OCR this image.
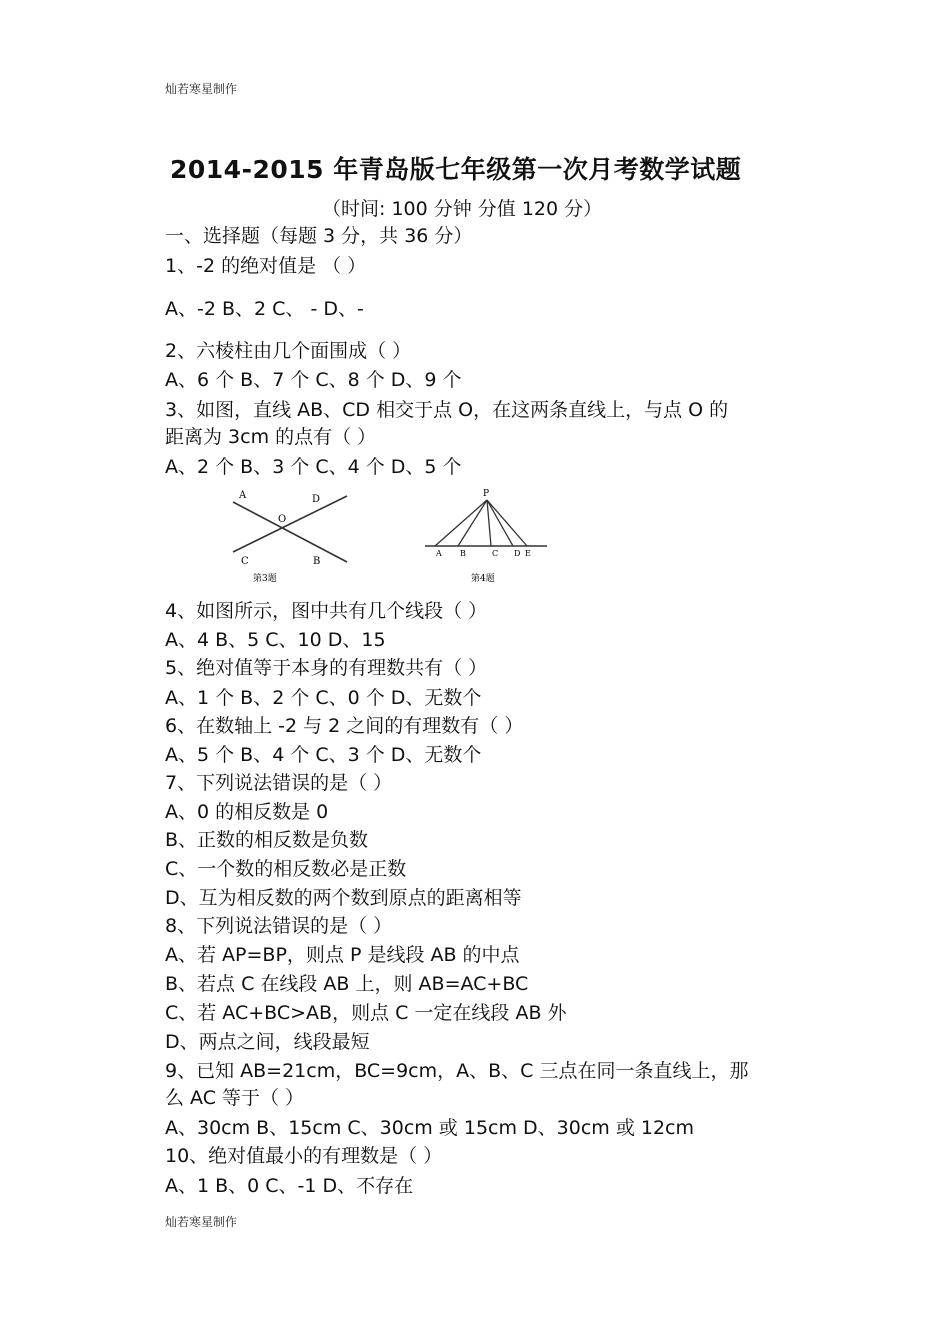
灿若寒星制作
2014-2015 年青岛版七年级第一次月考数学试题
（时间: 100 分钟 分值 120 分）
一、选择题（每题 3 分，共 36 分）
1、-2 的绝对值是 （ ）
A、-2 B、2 C、 - D、-
2、六棱柱由几个面围成（ ）
A、6 个 B、7 个 C、8 个 D、9 个
3、如图，直线 AB、CD 相交于点 O，在这两条直线上，与点 O 的
距离为 3cm 的点有（ ）
A、2 个 B、3 个 C、4 个 D、5 个
A	D
O
C	B
第3题
P
A B	C D E
第4题
4、如图所示，图中共有几个线段（ ）
A、4 B、5 C、10 D、15
5、绝对值等于本身的有理数共有（ ）
A、1 个 B、2 个 C、0 个 D、无数个
6、在数轴上 -2 与 2 之间的有理数有（ ）
A、5 个 B、4 个 C、3 个 D、无数个
7、下列说法错误的是（ ）
A、0 的相反数是 0
B、正数的相反数是负数
C、一个数的相反数必是正数
D、互为相反数的两个数到原点的距离相等
8、下列说法错误的是（ ）
A、若 AP=BP，则点 P 是线段 AB 的中点
B、若点 C 在线段 AB 上，则 AB=AC+BC
C、若 AC+BC>AB，则点 C 一定在线段 AB 外
D、两点之间，线段最短
9、已知 AB=21cm，BC=9cm，A、B、C 三点在同一条直线上，那
么 AC 等于（ ）
A、30cm B、15cm C、30cm 或 15cm D、30cm 或 12cm
10、绝对值最小的有理数是（ ）
A、1 B、0 C、-1 D、不存在
灿若寒星制作
